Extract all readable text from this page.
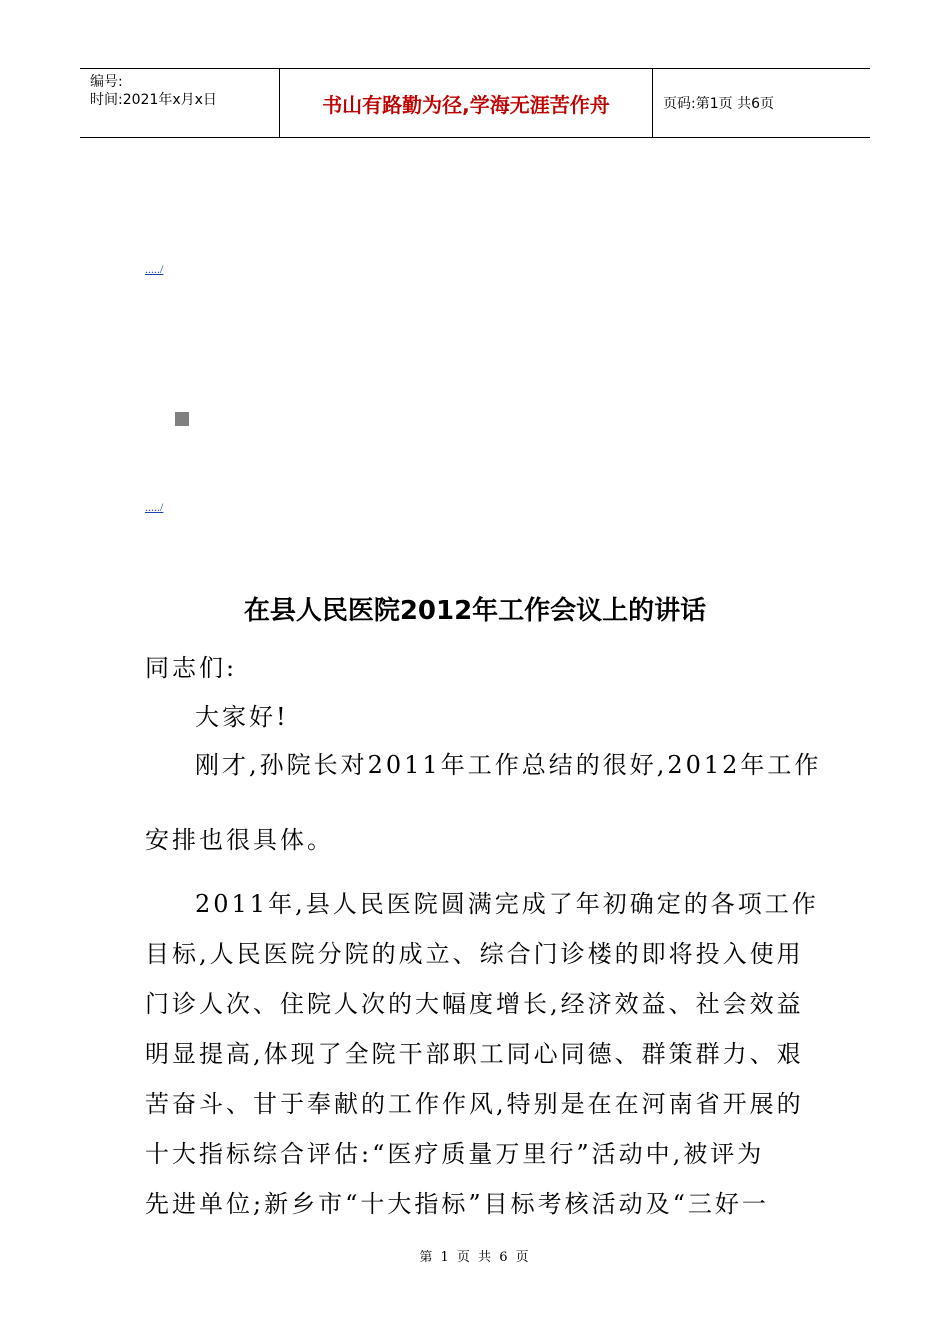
编号:
时间:2021年x月x日	书山有路勤为径,学海无涯苦作舟	页码:第1页 共6页
...../
...../
在县人民医院2012年工作会议上的讲话
同志们:
大家好!
刚才,孙院长对2011年工作总结的很好,2012年工作
安排也很具体。
2011年,县人民医院圆满完成了年初确定的各项工作
目标,人民医院分院的成立、综合门诊楼的即将投入使用
门诊人次、住院人次的大幅度增长,经济效益、社会效益
明显提高,体现了全院干部职工同心同德、群策群力、艰
苦奋斗、甘于奉献的工作作风,特别是在在河南省开展的
十大指标综合评估:“医疗质量万里行”活动中,被评为
先进单位;新乡市“十大指标”目标考核活动及“三好一
第 1 页 共 6 页
